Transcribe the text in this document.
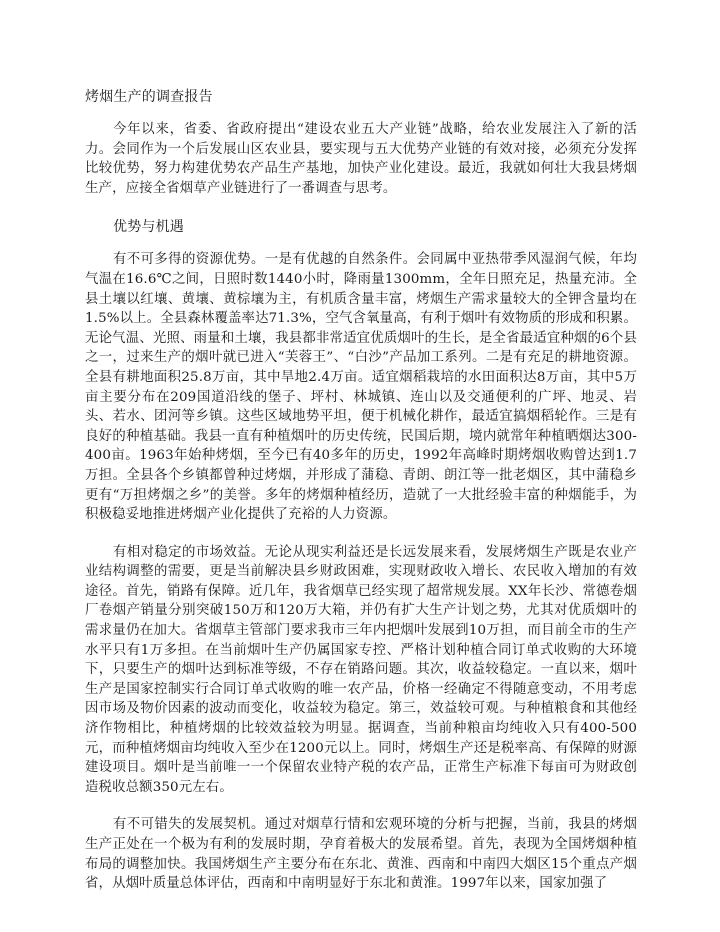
烤烟生产的调查报告

今年以来，省委、省政府提出“建设农业五大产业链”战略，给农业发展注入了新的活力。会同作为一个后发展山区农业县，要实现与五大优势产业链的有效对接，必须充分发挥比较优势，努力构建优势农产品生产基地，加快产业化建设。最近，我就如何壮大我县烤烟生产，应接全省烟草产业链进行了一番调查与思考。

优势与机遇

有不可多得的资源优势。一是有优越的自然条件。会同属中亚热带季风湿润气候，年均气温在16.6℃之间，日照时数1440小时，降雨量1300mm，全年日照充足，热量充沛。全县土壤以红壤、黄壤、黄棕壤为主，有机质含量丰富，烤烟生产需求量较大的全钾含量均在1.5%以上。全县森林覆盖率达71.3%，空气含氧量高，有利于烟叶有效物质的形成和积累。无论气温、光照、雨量和土壤，我县都非常适宜优质烟叶的生长，是全省最适宜种烟的6个县之一，过来生产的烟叶就已进入“芙蓉王”、“白沙”产品加工系列。二是有充足的耕地资源。全县有耕地面积25.8万亩，其中旱地2.4万亩。适宜烟稻栽培的水田面积达8万亩，其中5万亩主要分布在209国道沿线的堡子、坪村、林城镇、连山以及交通便利的广坪、地灵、岩头、若水、团河等乡镇。这些区域地势平坦，便于机械化耕作，最适宜搞烟稻轮作。三是有良好的种植基础。我县一直有种植烟叶的历史传统，民国后期，境内就常年种植晒烟达300-400亩。1963年始种烤烟，至今已有40多年的历史，1992年高峰时期烤烟收购曾达到1.7万担。全县各个乡镇都曾种过烤烟，并形成了蒲稳、青朗、朗江等一批老烟区，其中蒲稳乡更有“万担烤烟之乡”的美誉。多年的烤烟种植经历，造就了一大批经验丰富的种烟能手，为积极稳妥地推进烤烟产业化提供了充裕的人力资源。

有相对稳定的市场效益。无论从现实利益还是长远发展来看，发展烤烟生产既是农业产业结构调整的需要，更是当前解决县乡财政困难，实现财政收入增长、农民收入增加的有效途径。首先，销路有保障。近几年，我省烟草已经实现了超常规发展。XX年长沙、常德卷烟厂卷烟产销量分别突破150万和120万大箱，并仍有扩大生产计划之势，尤其对优质烟叶的需求量仍在加大。省烟草主管部门要求我市三年内把烟叶发展到10万担，而目前全市的生产水平只有1万多担。在当前烟叶生产仍属国家专控、严格计划种植合同订单式收购的大环境下，只要生产的烟叶达到标准等级，不存在销路问题。其次，收益较稳定。一直以来，烟叶生产是国家控制实行合同订单式收购的唯一农产品，价格一经确定不得随意变动，不用考虑因市场及物价因素的波动而变化，收益较为稳定。第三，效益较可观。与种植粮食和其他经济作物相比，种植烤烟的比较效益较为明显。据调查，当前种粮亩均纯收入只有400-500元，而种植烤烟亩均纯收入至少在1200元以上。同时，烤烟生产还是税率高、有保障的财源建设项目。烟叶是当前唯一一个保留农业特产税的农产品，正常生产标准下每亩可为财政创造税收总额350元左右。

有不可错失的发展契机。通过对烟草行情和宏观环境的分析与把握，当前，我县的烤烟生产正处在一个极为有利的发展时期，孕育着极大的发展希望。首先，表现为全国烤烟种植布局的调整加快。我国烤烟生产主要分布在东北、黄淮、西南和中南四大烟区15个重点产烟省，从烟叶质量总体评估，西南和中南明显好于东北和黄淮。1997年以来，国家加强了
